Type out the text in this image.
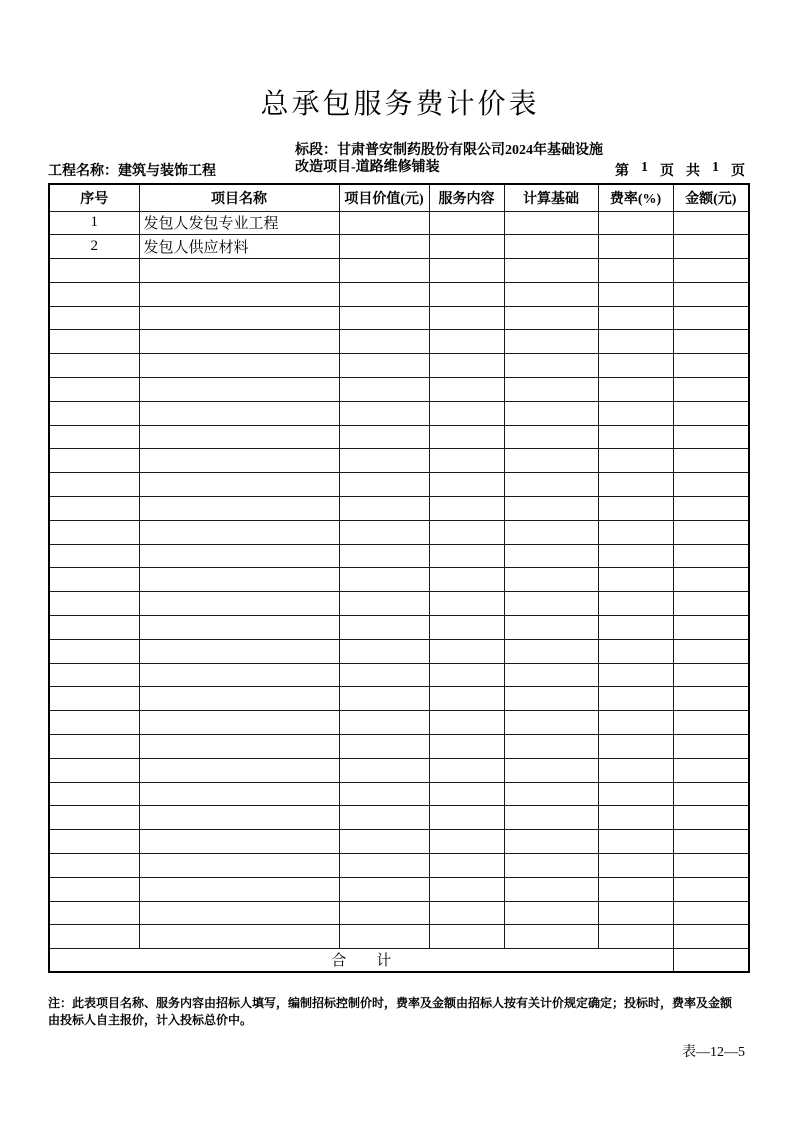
总承包服务费计价表
工程名称：建筑与装饰工程
标段：甘肃普安制药股份有限公司2024年基础设施
改造项目-道路维修铺装	第 1 页 共 1 页
序号	项目名称	项目价值(元)	服务内容	计算基础	费率(%)	金额(元)
1	发包人发包专业工程					
2	发包人供应材料					

合　　计						
注：此表项目名称、服务内容由招标人填写，编制招标控制价时，费率及金额由招标人按有关计价规定确定；投标时，费率及金额
由投标人自主报价，计入投标总价中。
表—12—5
